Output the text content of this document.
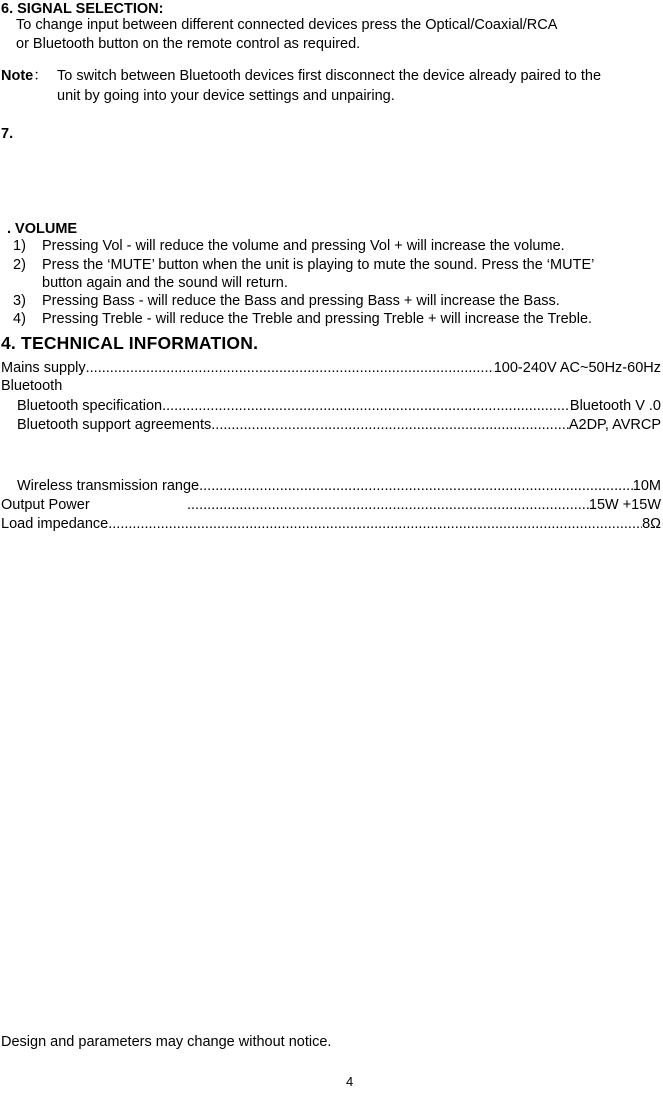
6. SIGNAL SELECTION:
To change input between different connected devices press the Optical/Coaxial/RCA
or Bluetooth button on the remote control as required.
Note： To switch between Bluetooth devices first disconnect the device already paired to the
unit by going into your device settings and unpairing.
7.
. VOLUME
1) Pressing Vol - will reduce the volume and pressing Vol + will increase the volume.
2) Press the ‘MUTE’ button when the unit is playing to mute the sound. Press the ‘MUTE’
button again and the sound will return.
3) Pressing Bass - will reduce the Bass and pressing Bass + will increase the Bass.
4) Pressing Treble - will reduce the Treble and pressing Treble + will increase the Treble.
4. TECHNICAL INFORMATION.
Mains supply .....	100-240V AC~50Hz-60Hz
Bluetooth
Bluetooth specification .....	Bluetooth V .0
Bluetooth support agreements .....	A2DP, AVRCP
Wireless transmission range .....	10M
Output Power .....	15W +15W
Load impedance .....	8Ω
Design and parameters may change without notice.
4
